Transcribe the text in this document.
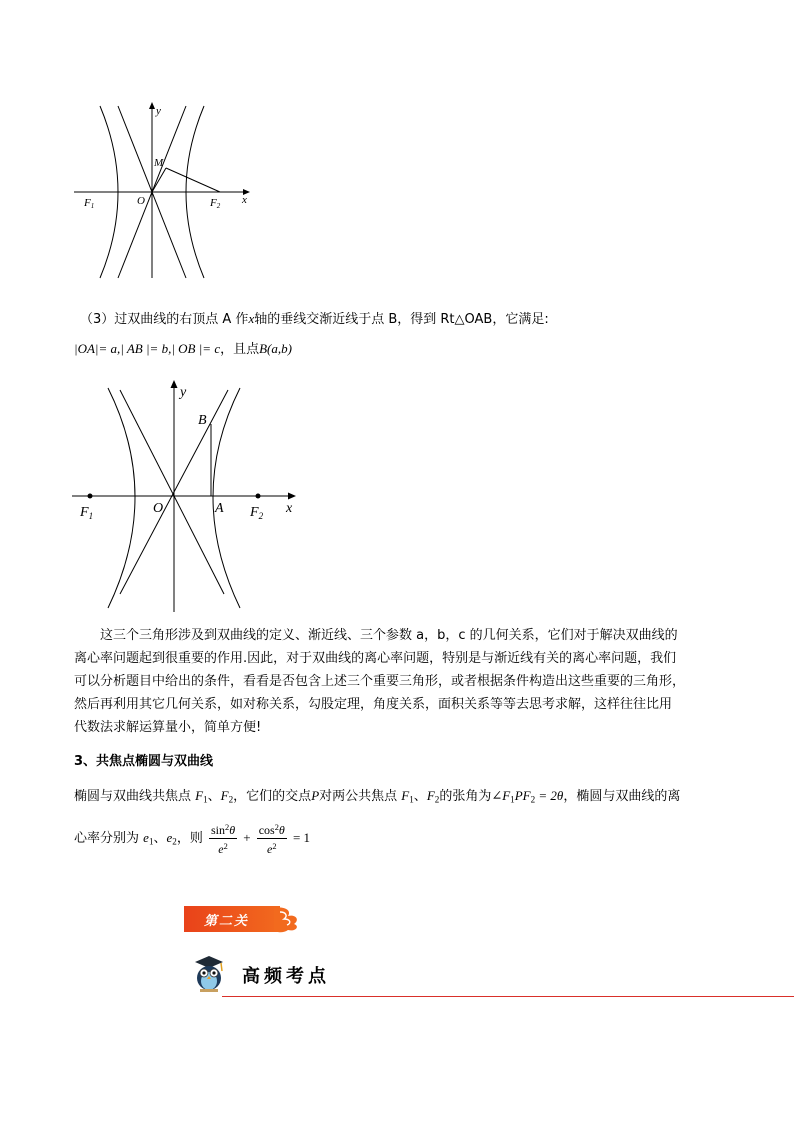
y
x
M
F1	O	F2
（3）过双曲线的右顶点 A 作x轴的垂线交渐近线于点 B，得到 Rt△OAB，它满足:
|OA|= a,| AB |= b,| OB |= c，且点B(a,b)
y
x
B
$F_1$	O	A $F_2$
这三个三角形涉及到双曲线的定义、渐近线、三个参数 a，b，c 的几何关系，它们对于解决双曲线的
离心率问题起到很重要的作用.因此，对于双曲线的离心率问题，特别是与渐近线有关的离心率问题，我们
可以分析题目中给出的条件，看看是否包含上述三个重要三角形，或者根据条件构造出这些重要的三角形，
然后再利用其它几何关系，如对称关系，勾股定理，角度关系，面积关系等等去思考求解，这样往往比用
代数法求解运算量小，简单方便!
3、共焦点椭圆与双曲线
椭圆与双曲线共焦点 $F_1$、$F_2$，它们的交点P对两公共焦点 $F_1$、$F_2$的张角为$\angle F_1PF_2 = 2\theta$，椭圆与双曲线的离
心率分别为 $e_1$、$e_2$，则 $\frac{\sin^2\theta}{e^2} + \frac{\cos^2\theta}{e^2} = 1$
第二关
高频考点
